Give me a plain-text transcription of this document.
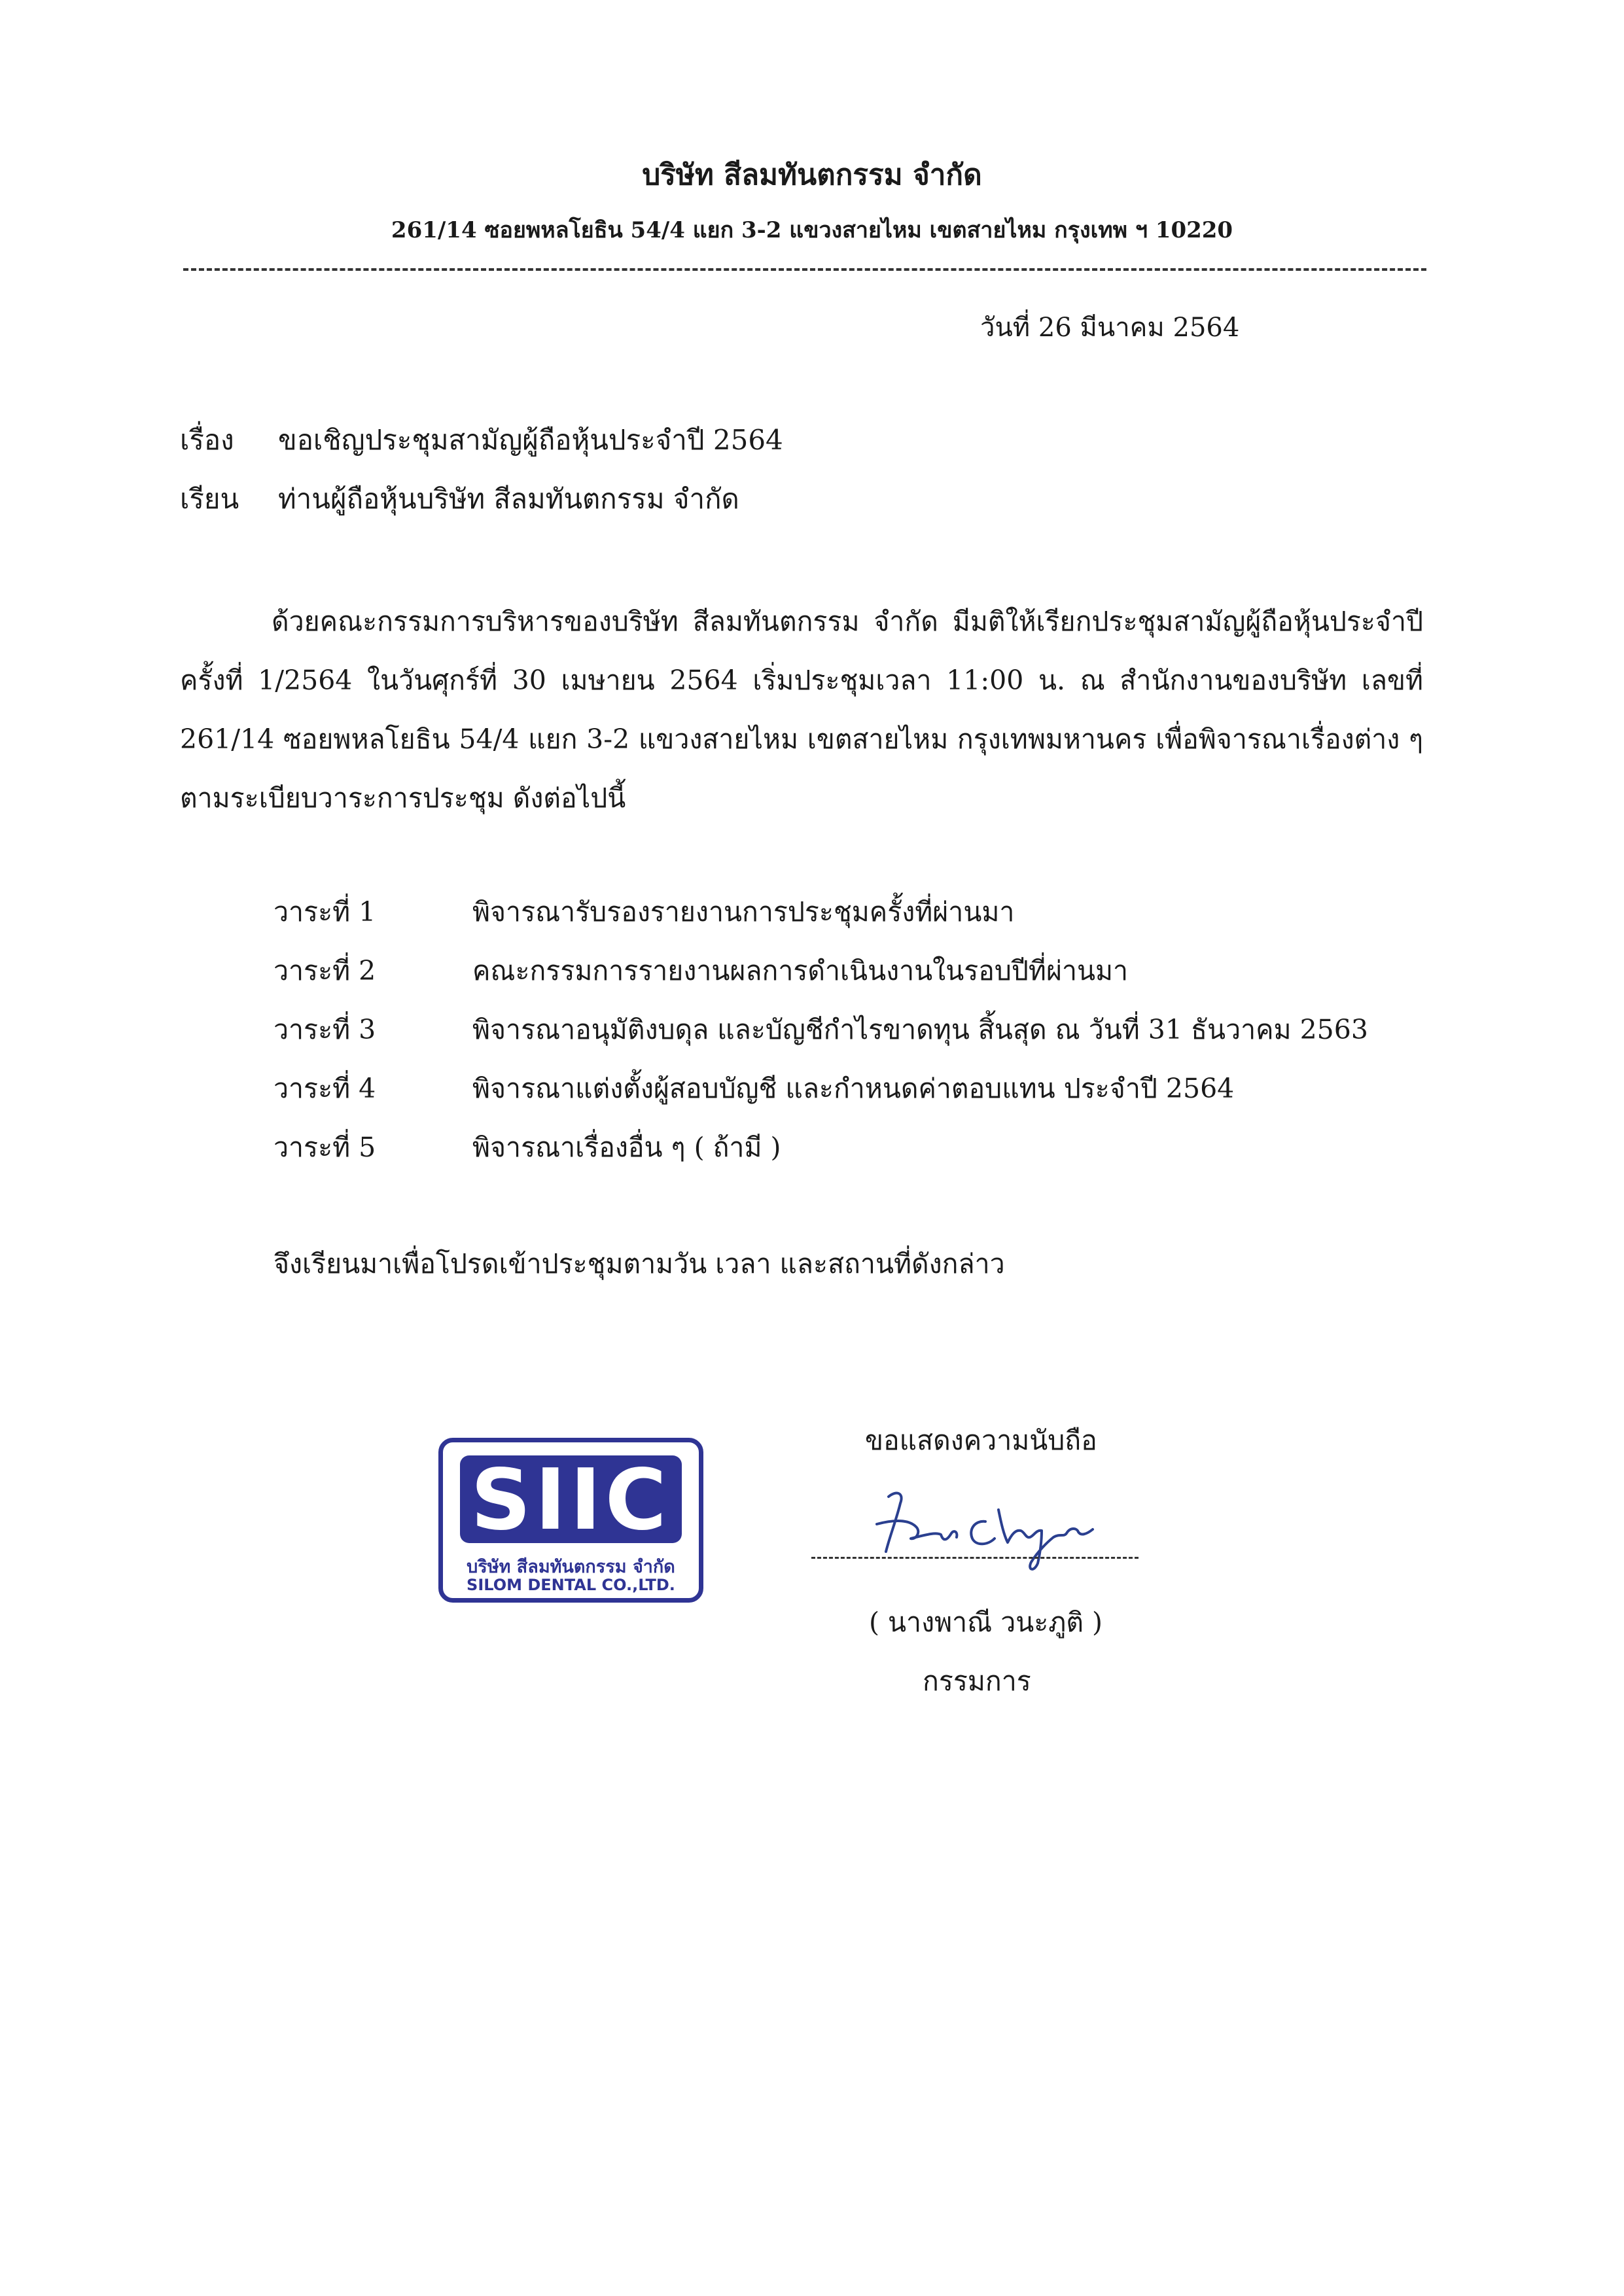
บริษัท สีลมทันตกรรม จำกัด
261/14 ซอยพหลโยธิน 54/4 แยก 3-2 แขวงสายไหม เขตสายไหม กรุงเทพ ฯ 10220
วันที่ 26 มีนาคม 2564
เรื่อง ขอเชิญประชุมสามัญผู้ถือหุ้นประจำปี 2564
เรียน ท่านผู้ถือหุ้นบริษัท สีลมทันตกรรม จำกัด
ด้วยคณะกรรมการบริหารของบริษัท สีลมทันตกรรม จำกัด มีมติให้เรียกประชุมสามัญผู้ถือหุ้นประจำปี ครั้งที่ 1/2564 ในวันศุกร์ที่ 30 เมษายน 2564 เริ่มประชุมเวลา 11:00 น. ณ สำนักงานของบริษัท เลขที่ 261/14 ซอยพหลโยธิน 54/4 แยก 3-2 แขวงสายไหม เขตสายไหม กรุงเทพมหานคร เพื่อพิจารณาเรื่องต่าง ๆ ตามระเบียบวาระการประชุม ดังต่อไปนี้
วาระที่ 1	พิจารณารับรองรายงานการประชุมครั้งที่ผ่านมา
วาระที่ 2	คณะกรรมการรายงานผลการดำเนินงานในรอบปีที่ผ่านมา
วาระที่ 3	พิจารณาอนุมัติงบดุล และบัญชีกำไรขาดทุน สิ้นสุด ณ วันที่ 31 ธันวาคม 2563
วาระที่ 4	พิจารณาแต่งตั้งผู้สอบบัญชี และกำหนดค่าตอบแทน ประจำปี 2564
วาระที่ 5	พิจารณาเรื่องอื่น ๆ ( ถ้ามี )
จึงเรียนมาเพื่อโปรดเข้าประชุมตามวัน เวลา และสถานที่ดังกล่าว
SIIC
บริษัท สีลมทันตกรรม จำกัด
SILOM DENTAL CO.,LTD.
ขอแสดงความนับถือ
( นางพาณี วนะภูติ )
กรรมการ
